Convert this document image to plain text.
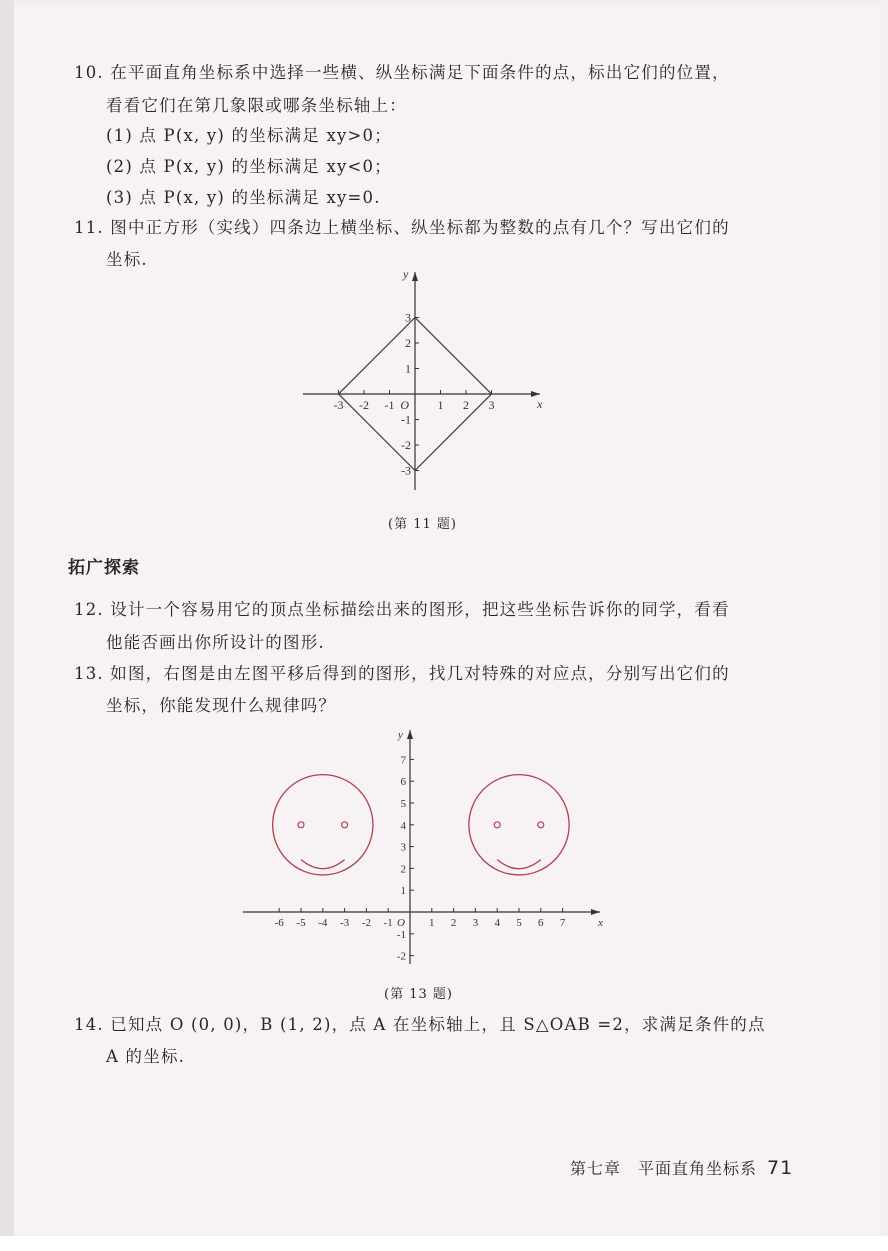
10. 在平面直角坐标系中选择一些横、纵坐标满足下面条件的点，标出它们的位置，
看看它们在第几象限或哪条坐标轴上：
(1) 点 P(x, y) 的坐标满足 xy>0；
(2) 点 P(x, y) 的坐标满足 xy<0；
(3) 点 P(x, y) 的坐标满足 xy=0.
11. 图中正方形（实线）四条边上横坐标、纵坐标都为整数的点有几个？写出它们的
坐标.
-3 -2 -1	1 2 3
3
2
1
-1
-2
-3
O	x
y
(第 11 题)
拓广探索
12. 设计一个容易用它的顶点坐标描绘出来的图形，把这些坐标告诉你的同学，看看
他能否画出你所设计的图形.
13. 如图，右图是由左图平移后得到的图形，找几对特殊的对应点，分别写出它们的
坐标，你能发现什么规律吗？
-6 -5 -4 -3 -2 -1	1 2 3 4 5 6 7
7
6
5
4
3
2
1
-1
-2
O	x
y
(第 13 题)
14. 已知点 O (0, 0)，B (1, 2)，点 A 在坐标轴上，且 S△OAB =2，求满足条件的点
A 的坐标.
第七章　平面直角坐标系 71
